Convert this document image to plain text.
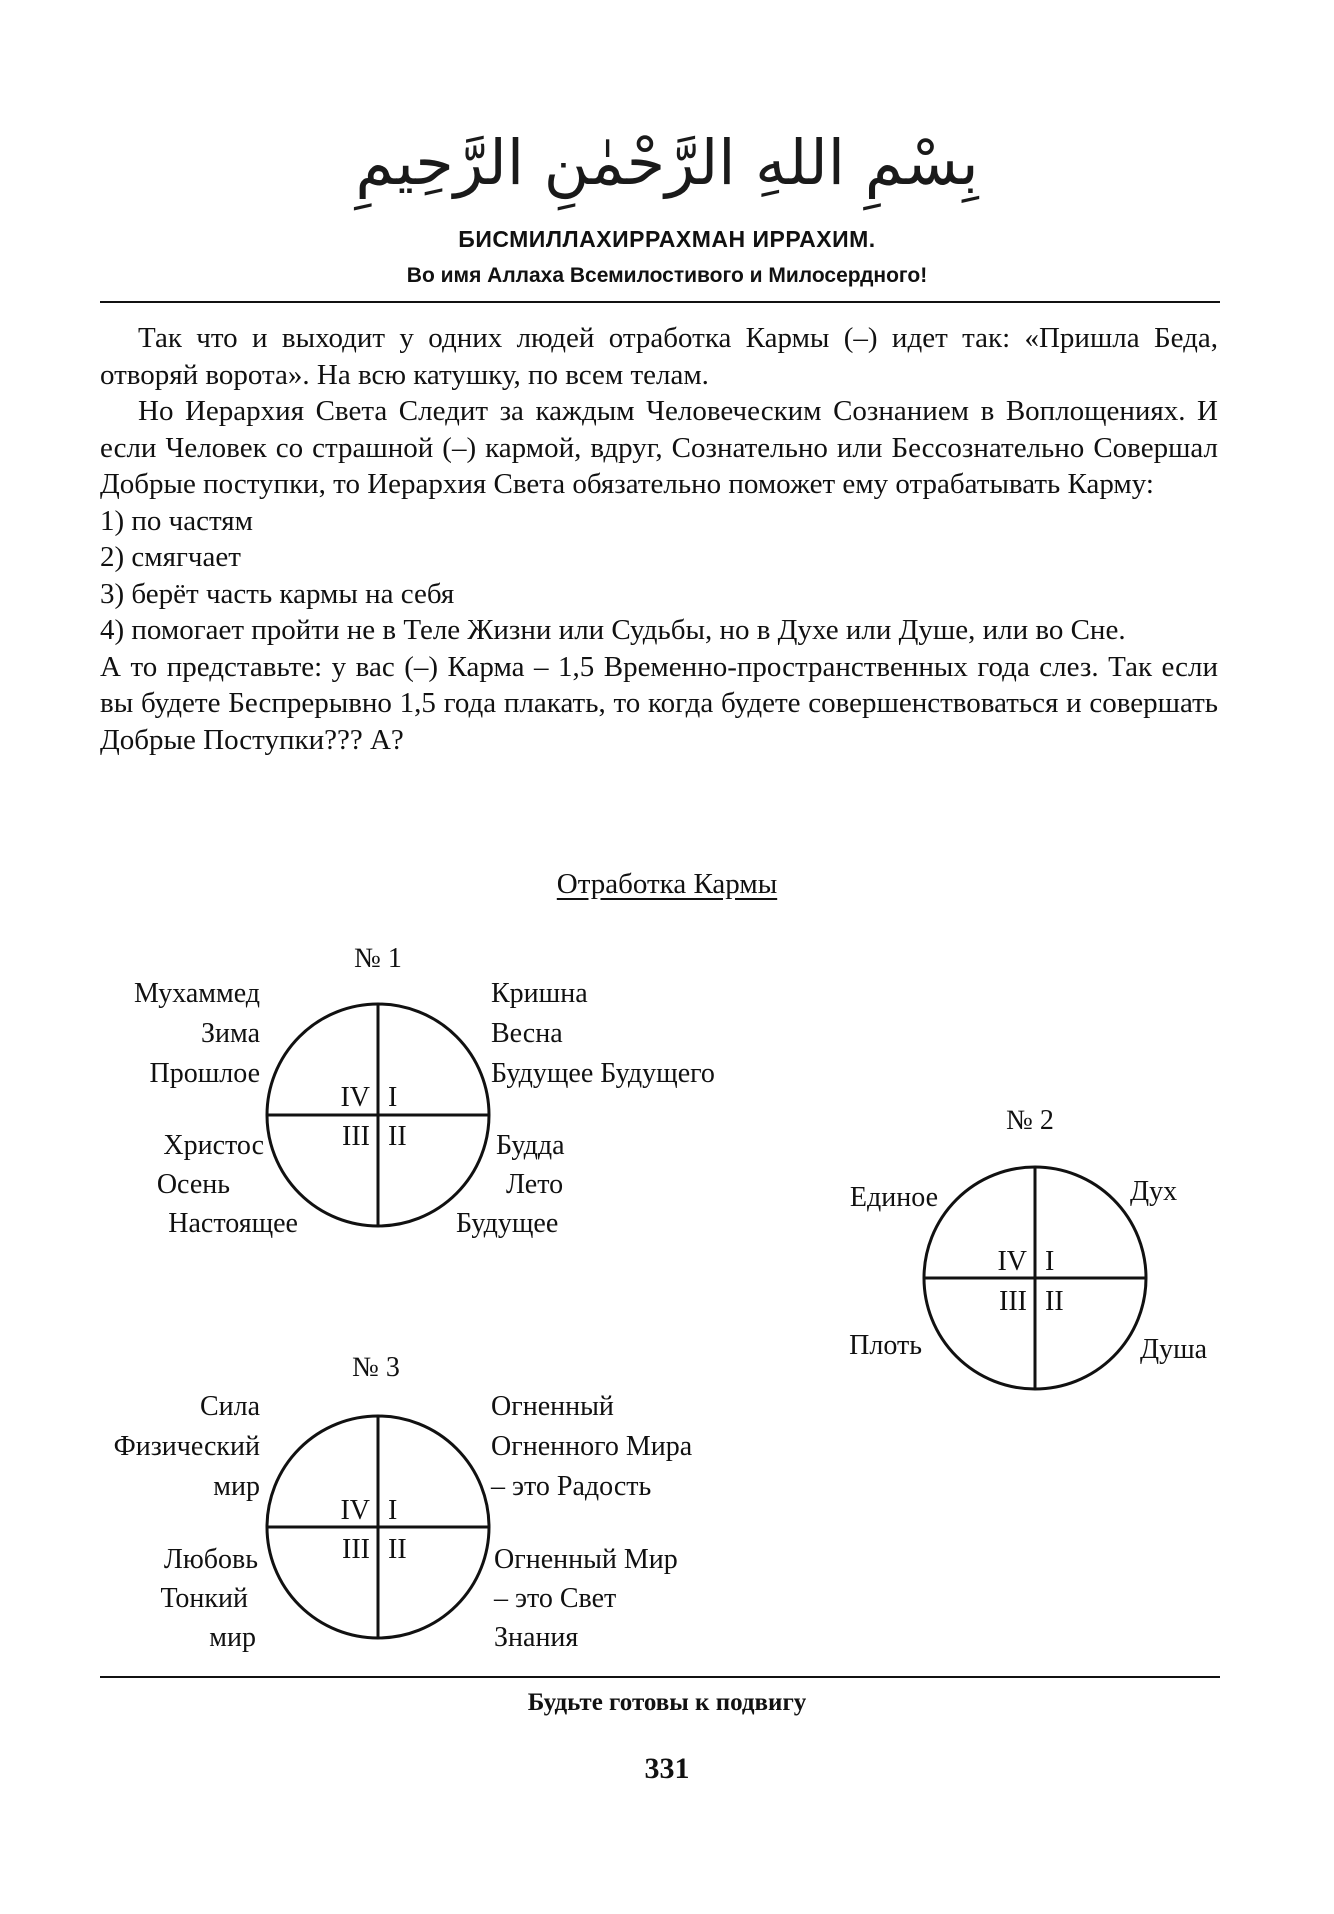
بِسْمِ اللهِ الرَّحْمٰنِ الرَّحِيمِ
БИСМИЛЛАХИРРАХМАН ИРРАХИМ.
Во имя Аллаха Всемилостивого и Милосердного!

Так что и выходит у одних людей отработка Кармы (–) идет так: «Пришла Беда, отворяй ворота». На всю катушку, по всем телам.

Но Иерархия Света Следит за каждым Человеческим Сознанием в Воплощениях. И если Человек со страшной (–) кармой, вдруг, Сознательно или Бессознательно Совершал Добрые поступки, то Иерархия Света обязательно поможет ему отрабатывать Карму:

1) по частям

2) смягчает

3) берёт часть кармы на себя

4) помогает пройти не в Теле Жизни или Судьбы, но в Духе или Душе, или во Сне.

А то представьте: у вас (–) Карма – 1,5 Временно-пространственных года слез. Так если вы будете Беспрерывно 1,5 года плакать, то когда будете совершенствоваться и совершать Добрые Поступки??? А?

Отработка Кармы
№ 1
IV I
III II
Мухаммед
Зима
Прошлое
Кришна
Весна
Будущее Будущего
Христос
Осень
Настоящее
Будда
Лето
Будущее
№ 2
IV I
III II
Единое	Дух
Плоть	Душа
№ 3
IV I
III II
Сила
Физический
мир
Огненный
Огненного Мира
– это Радость
Любовь
Тонкий
мир
Огненный Мир
– это Свет
Знания
Будьте готовы к подвигу
331
